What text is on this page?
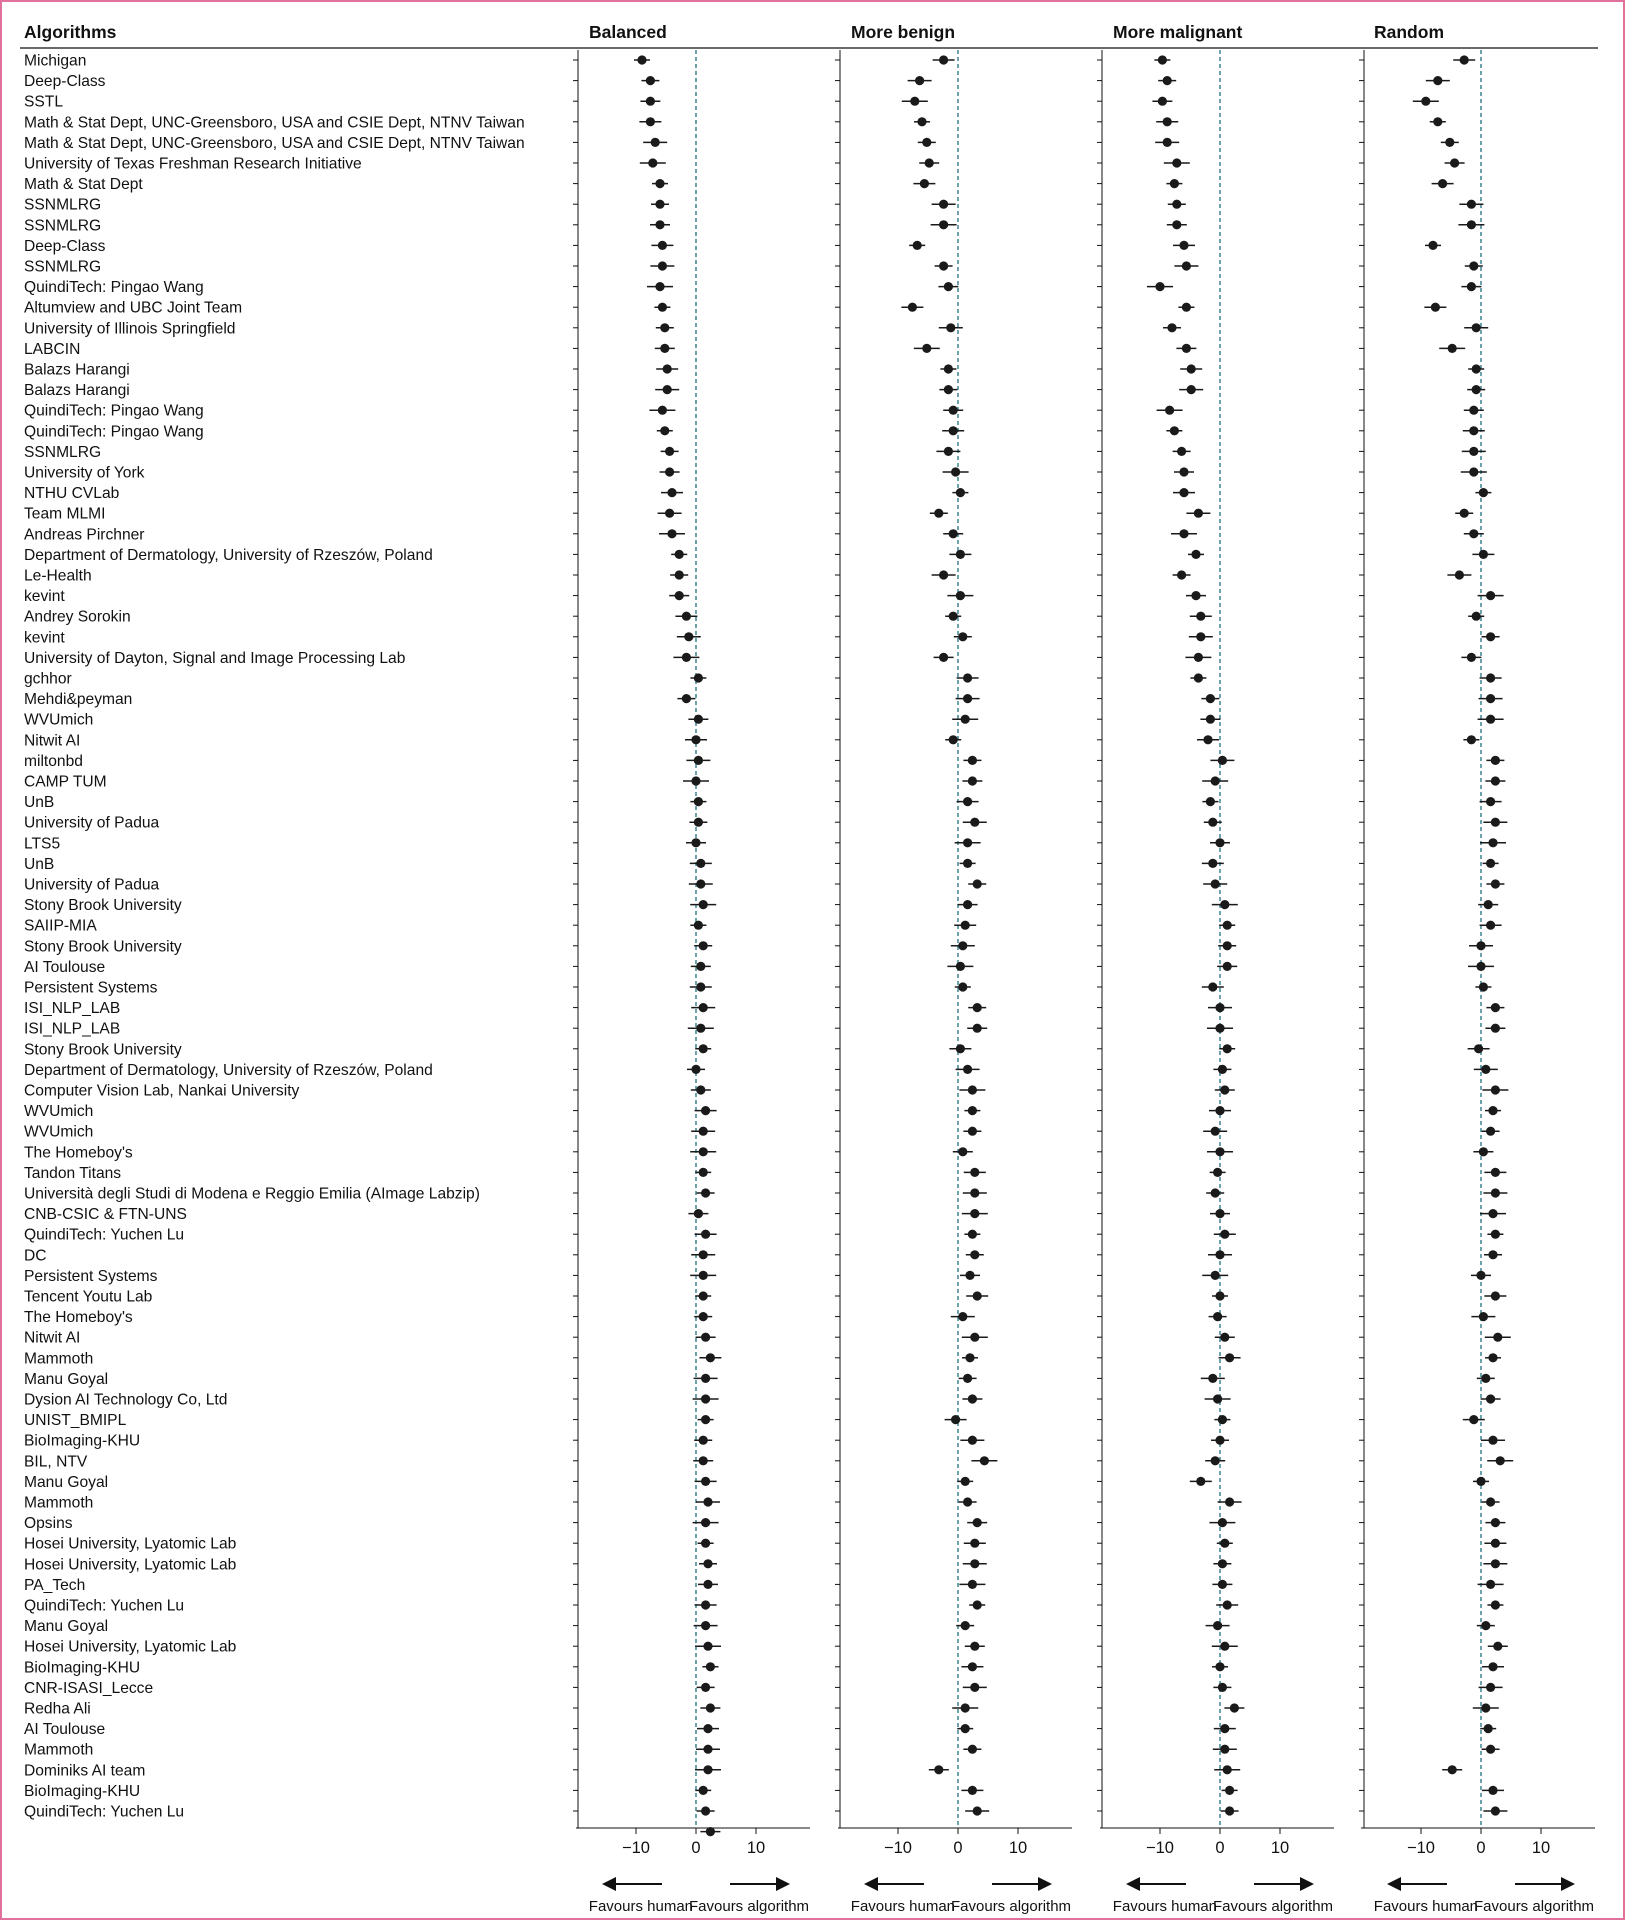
Algorithms
Michigan
Deep-Class
SSTL
Math & Stat Dept, UNC-Greensboro, USA and CSIE Dept, NTNV Taiwan
Math & Stat Dept, UNC-Greensboro, USA and CSIE Dept, NTNV Taiwan
University of Texas Freshman Research Initiative
Math & Stat Dept
SSNMLRG
SSNMLRG
Deep-Class
SSNMLRG
QuindiTech: Pingao Wang
Altumview and UBC Joint Team
University of Illinois Springfield
LABCIN
Balazs Harangi
Balazs Harangi
QuindiTech: Pingao Wang
QuindiTech: Pingao Wang
SSNMLRG
University of York
NTHU CVLab
Team MLMI
Andreas Pirchner
Department of Dermatology, University of Rzeszów, Poland
Le-Health
kevint
Andrey Sorokin
kevint
University of Dayton, Signal and Image Processing Lab
gchhor
Mehdi&peyman
WVUmich
Nitwit AI
miltonbd
CAMP TUM
UnB
University of Padua
LTS5
UnB
University of Padua
Stony Brook University
SAIIP-MIA
Stony Brook University
AI Toulouse
Persistent Systems
ISI_NLP_LAB
ISI_NLP_LAB
Stony Brook University
Department of Dermatology, University of Rzeszów, Poland
Computer Vision Lab, Nankai University
WVUmich
WVUmich
The Homeboy's
Tandon Titans
Università degli Studi di Modena e Reggio Emilia (AImage Labzip)
CNB-CSIC & FTN-UNS
QuindiTech: Yuchen Lu
DC
Persistent Systems
Tencent Youtu Lab
The Homeboy's
Nitwit AI
Mammoth
Manu Goyal
Dysion AI Technology Co, Ltd
UNIST_BMIPL
BioImaging-KHU
BIL, NTV
Manu Goyal
Mammoth
Opsins
Hosei University, Lyatomic Lab
Hosei University, Lyatomic Lab
PA_Tech
QuindiTech: Yuchen Lu
Manu Goyal
Hosei University, Lyatomic Lab
BioImaging-KHU
CNR-ISASI_Lecce
Redha Ali
AI Toulouse
Mammoth
Dominiks AI team
BioImaging-KHU
QuindiTech: Yuchen Lu
Balanced
−10	0	10
Favours human
Favours algorithm
More benign
−10	0	10
Favours human
Favours algorithm
More malignant
−10	0	10
Favours human
Favours algorithm
Random
−10	0	10
Favours human
Favours algorithm
